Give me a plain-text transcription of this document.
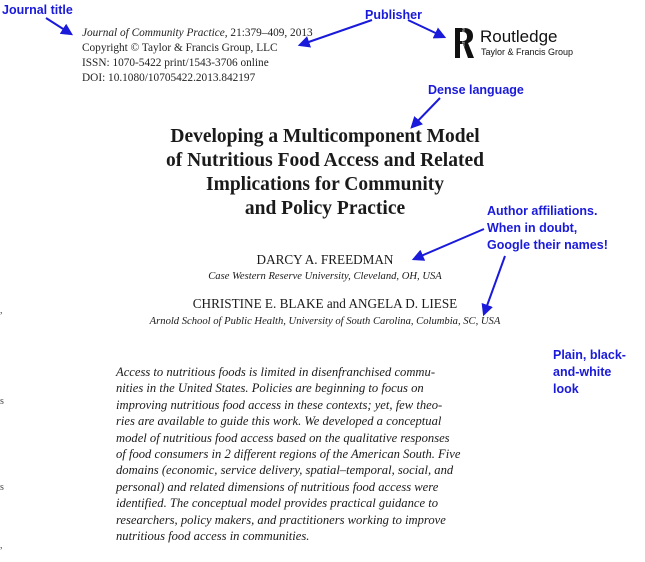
Journal of Community Practice, 21:379–409, 2013
Copyright © Taylor & Francis Group, LLC
ISSN: 1070-5422 print/1543-3706 online
DOI: 10.1080/10705422.2013.842197
ROUTLEDGE Routledge
Taylor & Francis Group
Developing a Multicomponent Model
of Nutritious Food Access and Related
Implications for Community
and Policy Practice
DARCY A. FREEDMAN
Case Western Reserve University, Cleveland, OH, USA
CHRISTINE E. BLAKE and ANGELA D. LIESE
Arnold School of Public Health, University of South Carolina, Columbia, SC, USA
Access to nutritious foods is limited in disenfranchised commu-
nities in the United States. Policies are beginning to focus on
improving nutritious food access in these contexts; yet, few theo-
ries are available to guide this work. We developed a conceptual
model of nutritious food access based on the qualitative responses
of food consumers in 2 different regions of the American South. Five
domains (economic, service delivery, spatial–temporal, social, and
personal) and related dimensions of nutritious food access were
identified. The conceptual model provides practical guidance to
researchers, policy makers, and practitioners working to improve
nutritious food access in communities.
,
s
s
,
Journal title	Publisher
Dense language
Author affiliations.
When in doubt,
Google their names!
Plain, black-
and-white
look
